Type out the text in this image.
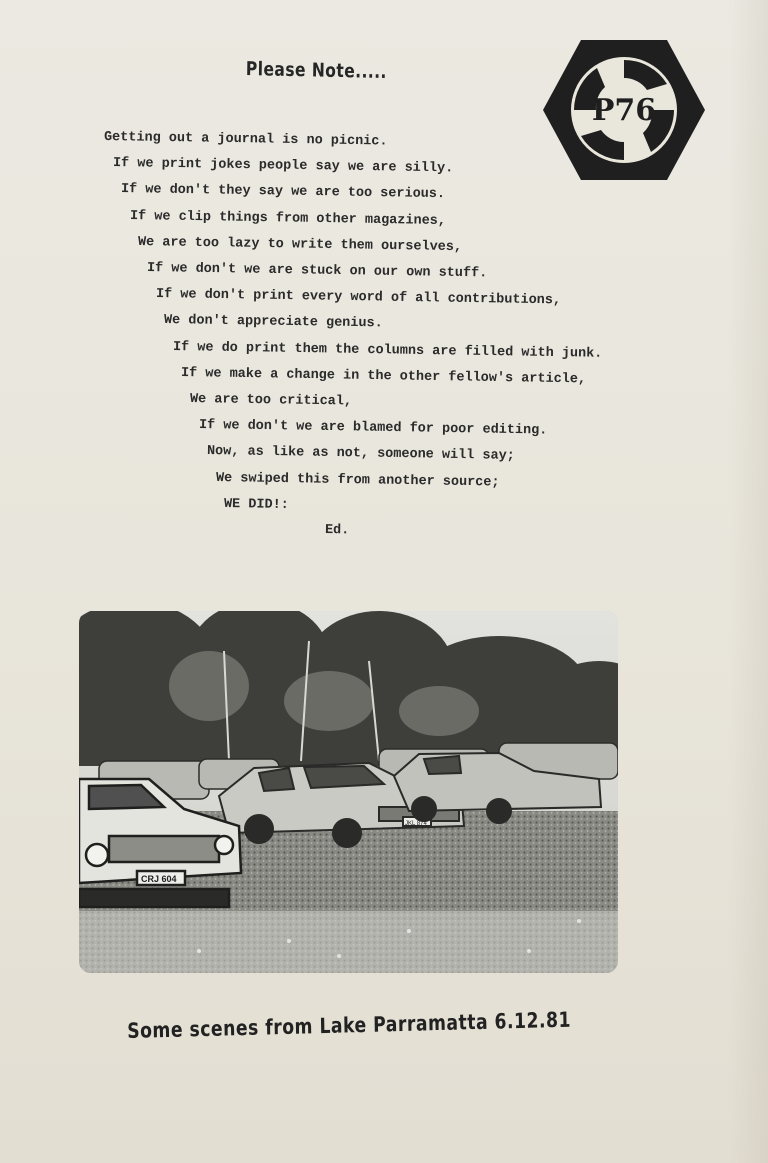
Please Note.....
P76
Getting out a journal is no picnic.
If we print jokes people say we are silly.
If we don't they say we are too serious.
If we clip things from other magazines,
We are too lazy to write them ourselves,
If we don't we are stuck on our own stuff.
If we don't print every word of all contributions,
We don't appreciate genius.
If we do print them the columns are filled with junk.
If we make a change in the other fellow's article,
We are too critical,
If we don't we are blamed for poor editing.
Now, as like as not, someone will say;
We swiped this from another source;
WE DID!:
Ed.
CRJ 604
JKL 874
Some scenes from Lake Parramatta 6.12.81
